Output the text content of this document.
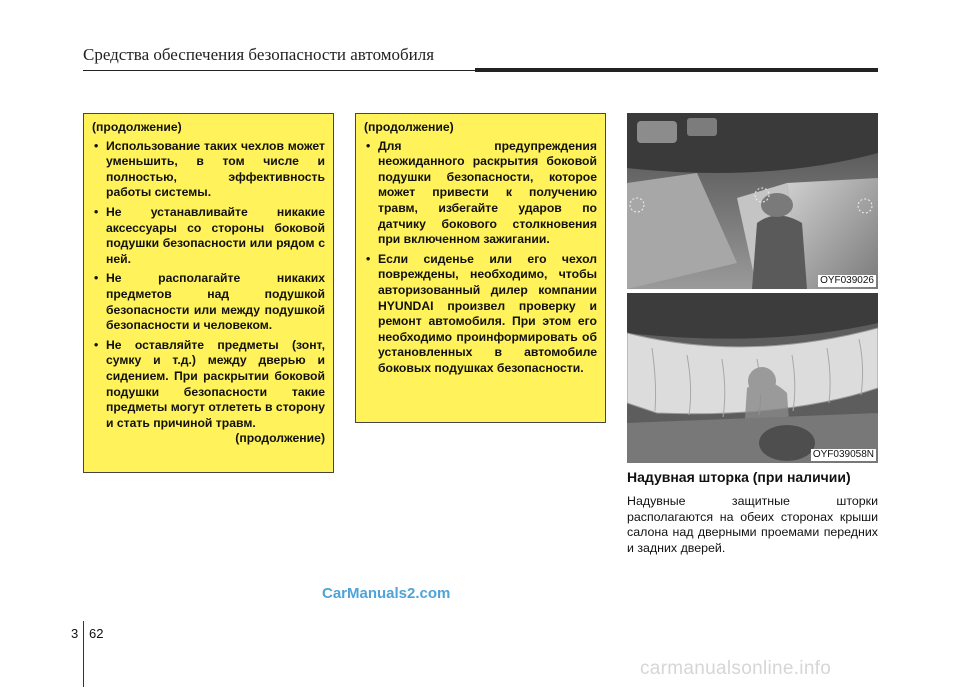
Средства обеспечения безопасности автомобиля
(продолжение)
• Использование таких чехлов может уменьшить, в том числе и полностью, эффективность работы системы.
• Не устанавливайте никакие аксессуары со стороны боковой подушки безопасности или рядом с ней.
• Не располагайте никаких предметов над подушкой безопасности или между подушкой безопасности и человеком.
• Не оставляйте предметы (зонт, сумку и т.д.) между дверью и сидением. При раскрытии боковой подушки безопасности такие предметы могут отлететь в сторону и стать причиной травм.
(продолжение)
(продолжение)
• Для предупреждения неожиданного раскрытия боковой подушки безопасности, которое может привести к получению травм, избегайте ударов по датчику бокового столкновения при включенном зажигании.
• Если сиденье или его чехол повреждены, необходимо, чтобы авторизованный дилер компании HYUNDAI произвел проверку и ремонт автомобиля. При этом его необходимо проинформировать об установленных в автомобиле боковых подушках безопасности.
OYF039026
OYF039058N
Надувная шторка (при наличии)
Надувные защитные шторки располагаются на обеих сторонах крыши салона над дверными проемами передних и задних дверей.
CarManuals2.com
3 62
carmanualsonline.info
